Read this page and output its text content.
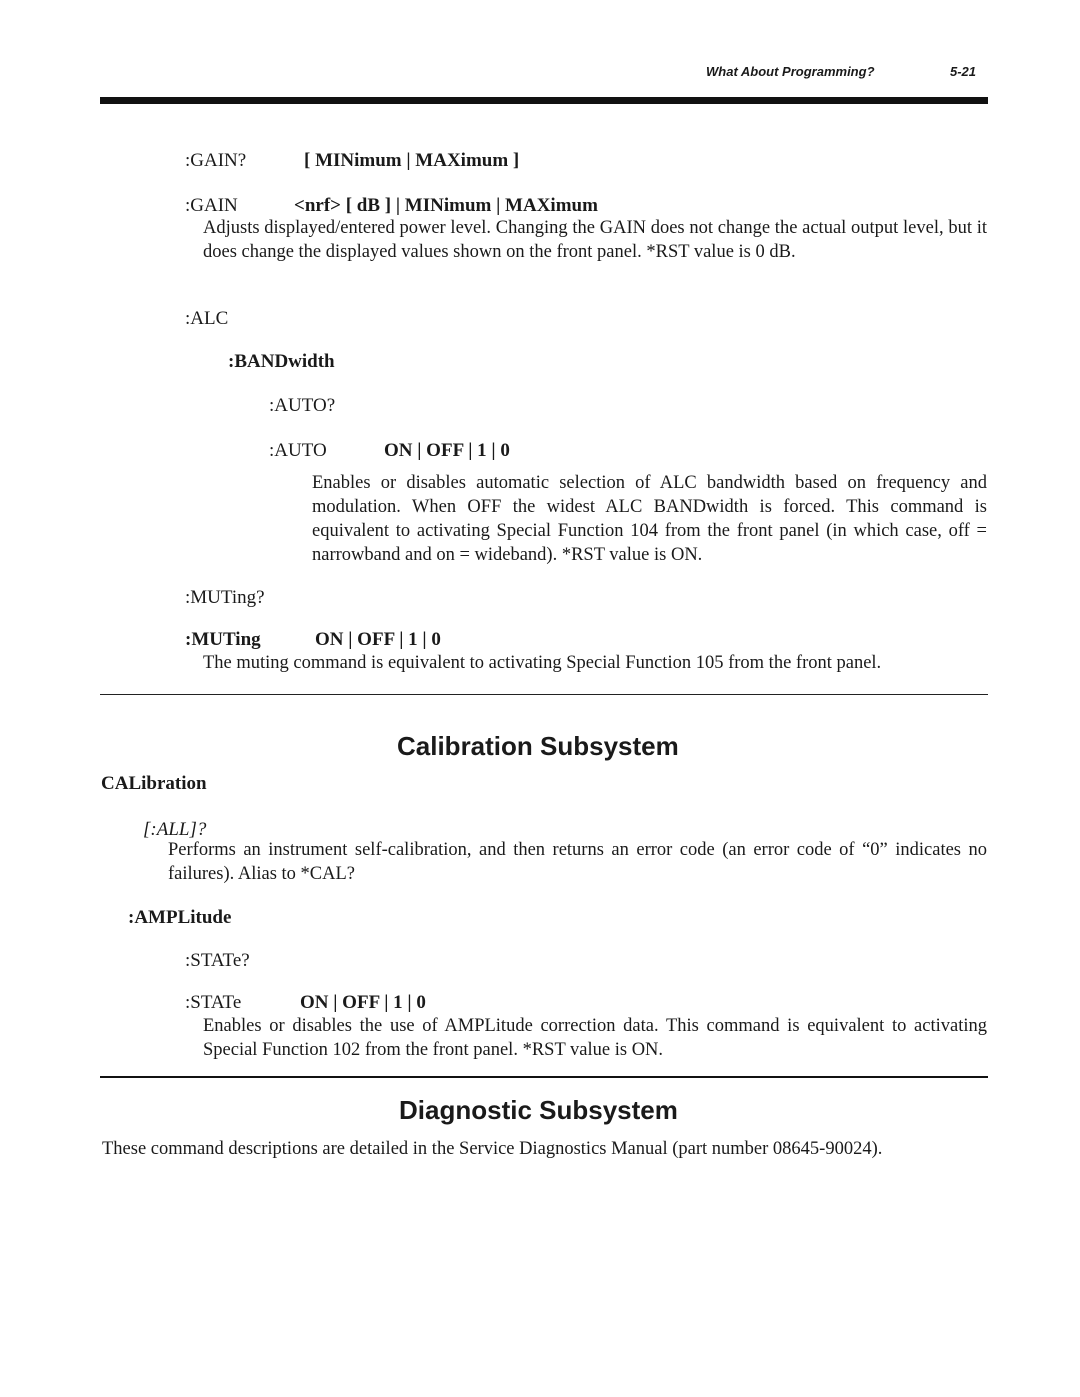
What About Programming?	5-21
:GAIN?	[ MINimum | MAXimum ]
:GAIN	<nrf> [ dB ] | MINimum | MAXimum
Adjusts displayed/entered power level. Changing the GAIN does not change the actual output level, but it does change the displayed values shown on the front panel. *RST value is 0 dB.
:ALC
:BANDwidth
:AUTO?
:AUTO	ON | OFF | 1 | 0
Enables or disables automatic selection of ALC bandwidth based on frequency and modulation. When OFF the widest ALC BANDwidth is forced. This command is equivalent to activating Special Function 104 from the front panel (in which case, off = narrowband and on = wideband). *RST value is ON.
:MUTing?
:MUTing	ON | OFF | 1 | 0
The muting command is equivalent to activating Special Function 105 from the front panel.
Calibration Subsystem
CALibration
[:ALL]?
Performs an instrument self-calibration, and then returns an error code (an error code of “0” indicates no failures). Alias to *CAL?
:AMPLitude
:STATe?
:STATe	ON | OFF | 1 | 0
Enables or disables the use of AMPLitude correction data. This command is equivalent to activating Special Function 102 from the front panel. *RST value is ON.
Diagnostic Subsystem
These command descriptions are detailed in the Service Diagnostics Manual (part number 08645-90024).
